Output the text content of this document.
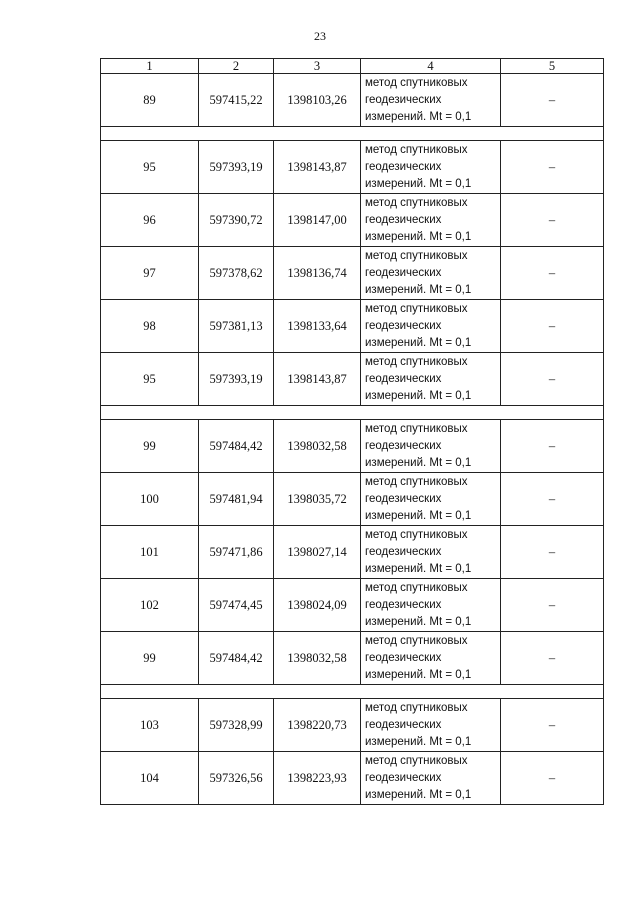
23
1	2	3	4	5
89	597415,22	1398103,26	метод спутниковых
геодезических
измерений. Mt = 0,1	–

95	597393,19	1398143,87	метод спутниковых
геодезических
измерений. Mt = 0,1	–
96	597390,72	1398147,00	метод спутниковых
геодезических
измерений. Mt = 0,1	–
97	597378,62	1398136,74	метод спутниковых
геодезических
измерений. Mt = 0,1	–
98	597381,13	1398133,64	метод спутниковых
геодезических
измерений. Mt = 0,1	–
95	597393,19	1398143,87	метод спутниковых
геодезических
измерений. Mt = 0,1	–

99	597484,42	1398032,58	метод спутниковых
геодезических
измерений. Mt = 0,1	–
100	597481,94	1398035,72	метод спутниковых
геодезических
измерений. Mt = 0,1	–
101	597471,86	1398027,14	метод спутниковых
геодезических
измерений. Mt = 0,1	–
102	597474,45	1398024,09	метод спутниковых
геодезических
измерений. Mt = 0,1	–
99	597484,42	1398032,58	метод спутниковых
геодезических
измерений. Mt = 0,1	–

103	597328,99	1398220,73	метод спутниковых
геодезических
измерений. Mt = 0,1	–
104	597326,56	1398223,93	метод спутниковых
геодезических
измерений. Mt = 0,1	–
